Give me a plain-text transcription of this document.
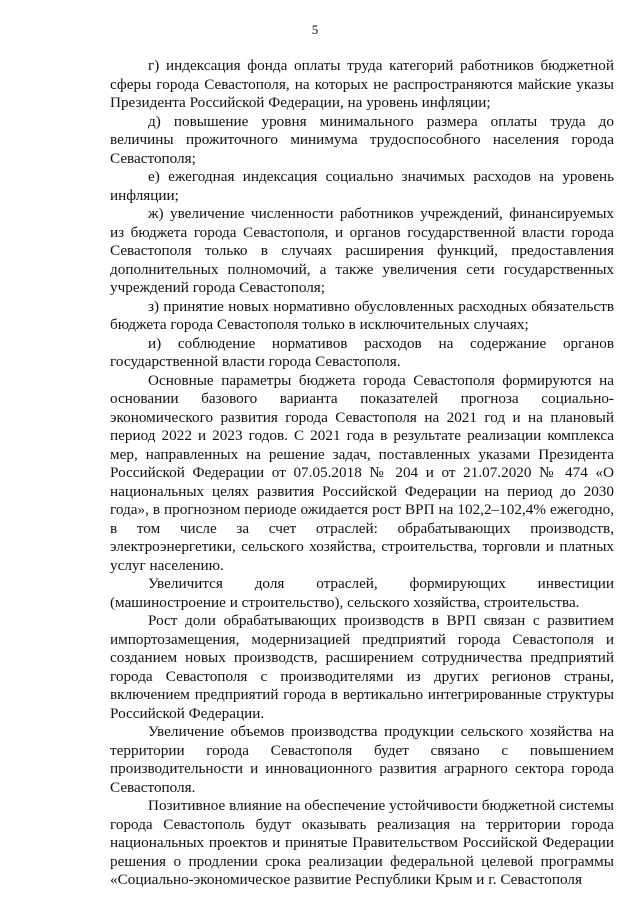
5

г) индексация фонда оплаты труда категорий работников бюджетной сферы города Севастополя, на которых не распространяются майские указы Президента Российской Федерации, на уровень инфляции;

д) повышение уровня минимального размера оплаты труда до величины прожиточного минимума трудоспособного населения города Севастополя;

е) ежегодная индексация социально значимых расходов на уровень инфляции;

ж) увеличение численности работников учреждений, финансируемых из бюджета города Севастополя, и органов государственной власти города Севастополя только в случаях расширения функций, предоставления дополнительных полномочий, а также увеличения сети государственных учреждений города Севастополя;

з) принятие новых нормативно обусловленных расходных обязательств бюджета города Севастополя только в исключительных случаях;

и) соблюдение нормативов расходов на содержание органов государственной власти города Севастополя.

Основные параметры бюджета города Севастополя формируются на основании базового варианта показателей прогноза социально-экономического развития города Севастополя на 2021 год и на плановый период 2022 и 2023 годов. С 2021 года в результате реализации комплекса мер, направленных на решение задач, поставленных указами Президента Российской Федерации от 07.05.2018 № 204 и от 21.07.2020 № 474 «О национальных целях развития Российской Федерации на период до 2030 года», в прогнозном периоде ожидается рост ВРП на 102,2–102,4% ежегодно, в том числе за счет отраслей: обрабатывающих производств, электроэнергетики, сельского хозяйства, строительства, торговли и платных услуг населению.

Увеличится доля отраслей, формирующих инвестиции (машиностроение и строительство), сельского хозяйства, строительства.

Рост доли обрабатывающих производств в ВРП связан с развитием импортозамещения, модернизацией предприятий города Севастополя и созданием новых производств, расширением сотрудничества предприятий города Севастополя с производителями из других регионов страны, включением предприятий города в вертикально интегрированные структуры Российской Федерации.

Увеличение объемов производства продукции сельского хозяйства на территории города Севастополя будет связано с повышением производительности и инновационного развития аграрного сектора города Севастополя.

Позитивное влияние на обеспечение устойчивости бюджетной системы города Севастополь будут оказывать реализация на территории города национальных проектов и принятые Правительством Российской Федерации решения о продлении срока реализации федеральной целевой программы «Социально-экономическое развитие Республики Крым и г. Севастополя
